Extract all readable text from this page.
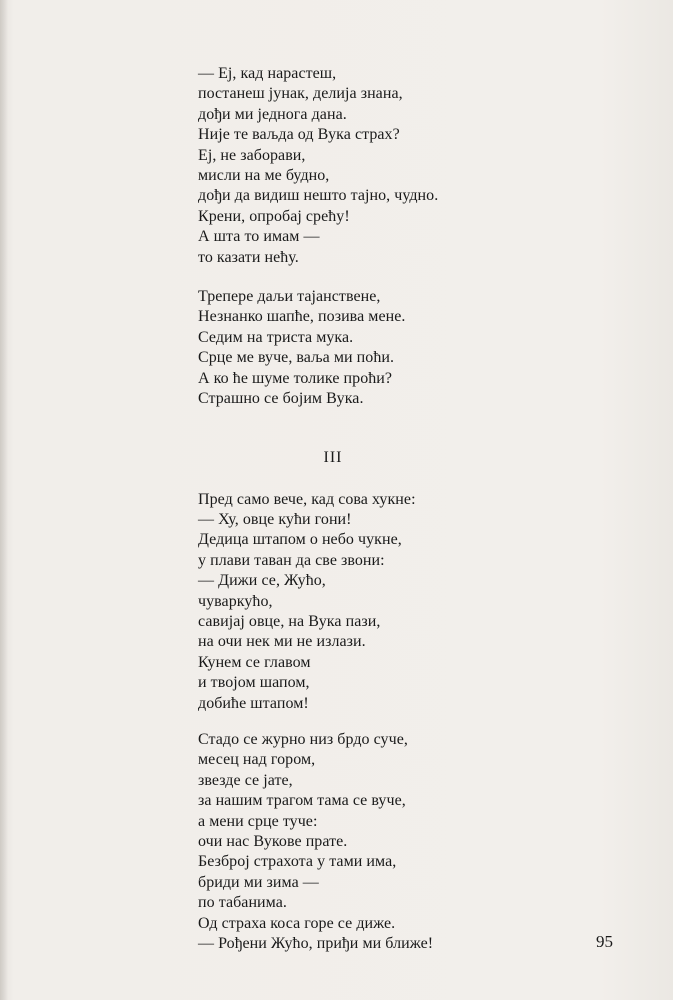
— Ej, кад нарастеш,
постанеш јунак, делија знана,
дођи ми једнога дана.
Није те ваљда од Вука страх?
Ej, не заборави,
мисли на ме будно,
дођи да видиш нешто тајно, чудно.
Крени, опробај срећу!
А шта то имам —
то казати нећу.
Трепере даљи тајанствене,
Незнанко шапће, позива мене.
Седим на триста мука.
Срце ме вуче, ваља ми поћи.
А ко ће шуме толике проћи?
Страшно се бојим Вука.
III
Пред само вече, кад сова хукне:
— Ху, овце кући гони!
Дедица штапом о небо чукне,
у плави таван да све звони:
— Дижи се, Жућо,
чуваркућо,
савијај овце, на Вука пази,
на очи нек ми не излази.
Кунем се главом
и твојом шапом,
добиће штапом!
Стадо се журно низ брдо суче,
месец над гором,
звезде се јате,
за нашим трагом тама се вуче,
а мени срце туче:
очи нас Вукове прате.
Безброј страхота у тами има,
бриди ми зима —
по табанима.
Од страха коса горе се диже.
— Рођени Жућо, приђи ми ближе!	95
